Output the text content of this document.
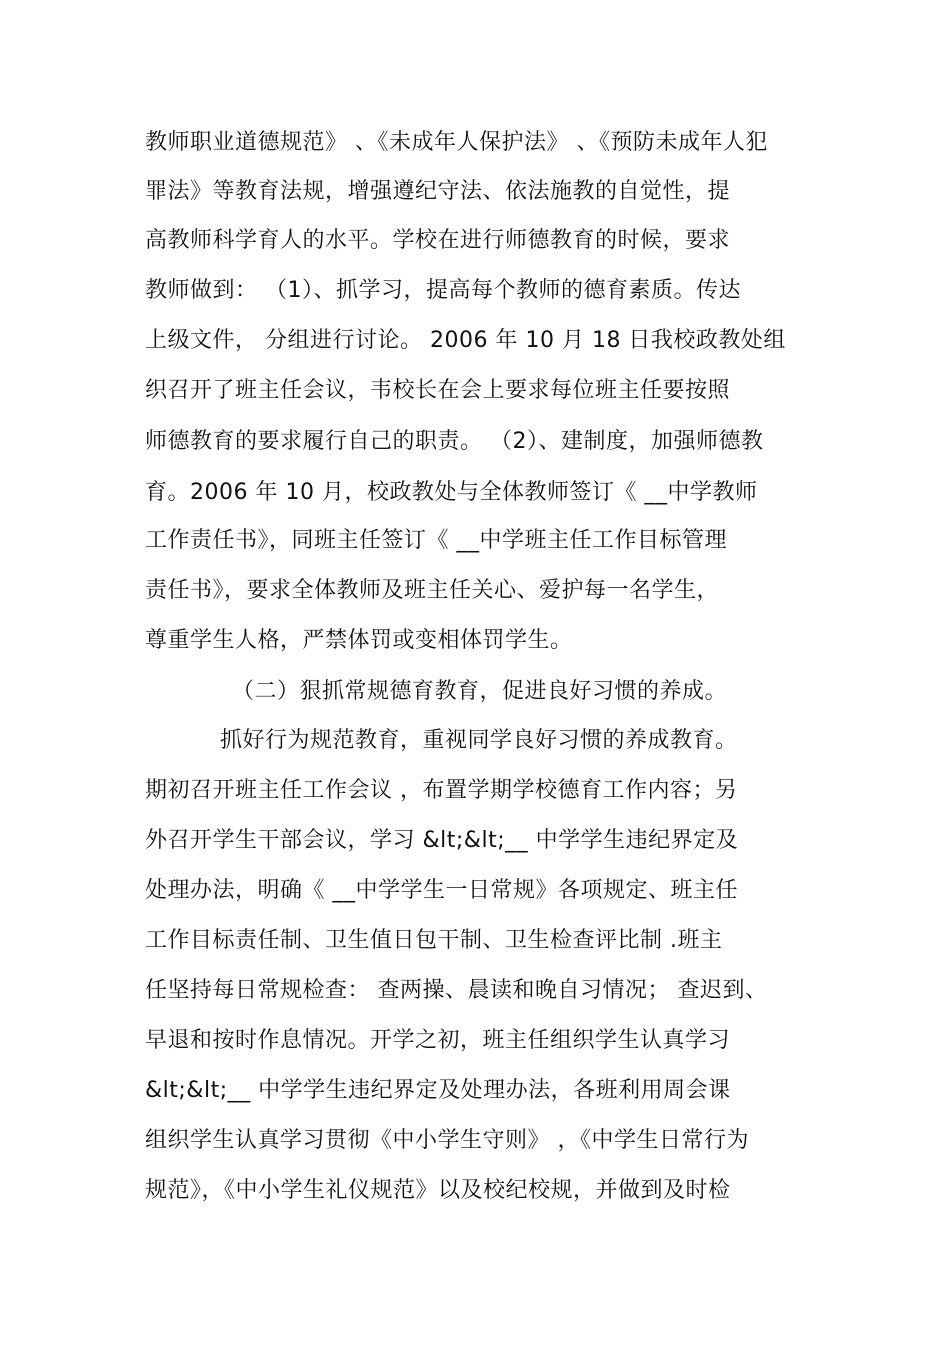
教师职业道德规范》 、《未成年人保护法》 、《预防未成年人犯
罪法》等教育法规，增强遵纪守法、依法施教的自觉性，提
高教师科学育人的水平。学校在进行师德教育的时候，要求
教师做到： （1）、抓学习，提高每个教师的德育素质。传达
上级文件， 分组进行讨论。 2006 年 10 月 18 日我校政教处组
织召开了班主任会议，韦校长在会上要求每位班主任要按照
师德教育的要求履行自己的职责。 （2）、建制度，加强师德教
育。2006 年 10 月，校政教处与全体教师签订《 __中学教师
工作责任书》，同班主任签订《 __中学班主任工作目标管理
责任书》，要求全体教师及班主任关心、爱护每一名学生，
尊重学生人格，严禁体罚或变相体罚学生。
（二）狠抓常规德育教育，促进良好习惯的养成。
抓好行为规范教育，重视同学良好习惯的养成教育。
期初召开班主任工作会议 ，布置学期学校德育工作内容；另
外召开学生干部会议，学习 &lt;&lt;__ 中学学生违纪界定及
处理办法，明确《 __中学学生一日常规》各项规定、班主任
工作目标责任制、卫生值日包干制、卫生检查评比制 .班主
任坚持每日常规检查： 查两操、晨读和晚自习情况； 查迟到、
早退和按时作息情况。开学之初，班主任组织学生认真学习
&lt;&lt;__ 中学学生违纪界定及处理办法，各班利用周会课
组织学生认真学习贯彻《中小学生守则》 ，《中学生日常行为
规范》，《中小学生礼仪规范》以及校纪校规，并做到及时检
